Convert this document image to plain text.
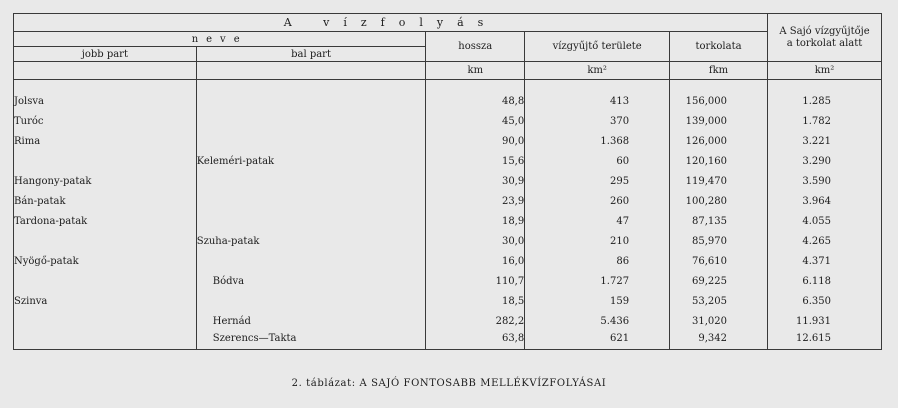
A vízfolyás					A Sajó vízgyűjtője
a torkolat alatt
neve		hossza	vízgyűjtő területe	torkolata	
jobb part	bal part				
		km	km²	fkm	km²

Jolsva		48,8	413	156,000	1.285
Turóc		45,0	370	139,000	1.782
Rima		90,0	1.368	126,000	3.221
	Keleméri-patak	15,6	60	120,160	3.290
Hangony-patak		30,9	295	119,470	3.590
Bán-patak		23,9	260	100,280	3.964
Tardona-patak		18,9	47	87,135	4.055
	Szuha-patak	30,0	210	85,970	4.265
Nyögő-patak		16,0	86	76,610	4.371
	Bódva	110,7	1.727	69,225	6.118
Szinva		18,5	159	53,205	6.350
	Hernád	282,2	5.436	31,020	11.931
	Szerencs—Takta	63,8	621	9,342	12.615
2. táblázat: A SAJÓ FONTOSABB MELLÉKVÍZFOLYÁSAI
